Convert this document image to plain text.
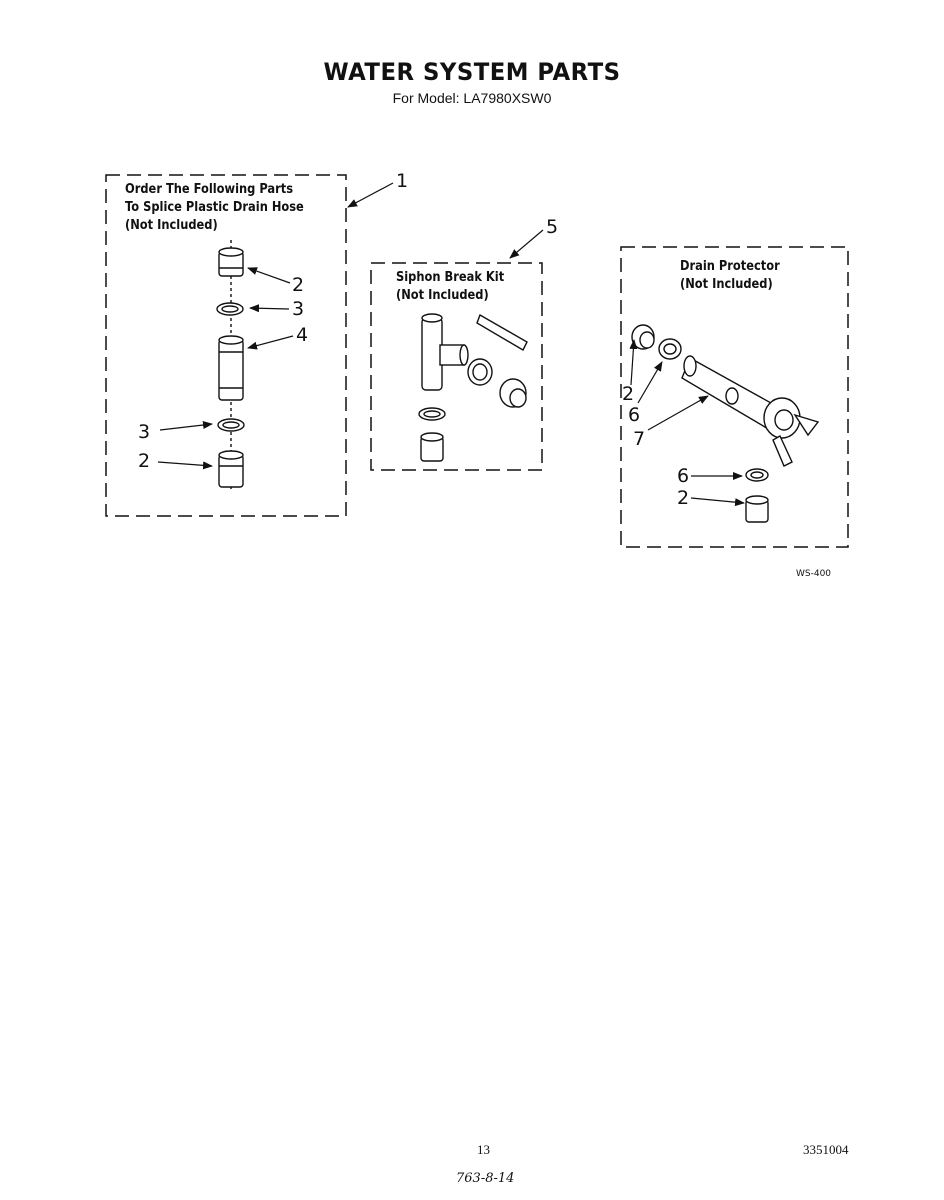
WATER SYSTEM PARTS
For Model: LA7980XSW0
Order The Following Parts
To Splice Plastic Drain Hose
(Not Included)
Siphon Break Kit
(Not Included)
Drain Protector
(Not Included)
1
5
2
3
4
3
2
2
6
7
6
2
WS-400
13	3351004
763-8-14
